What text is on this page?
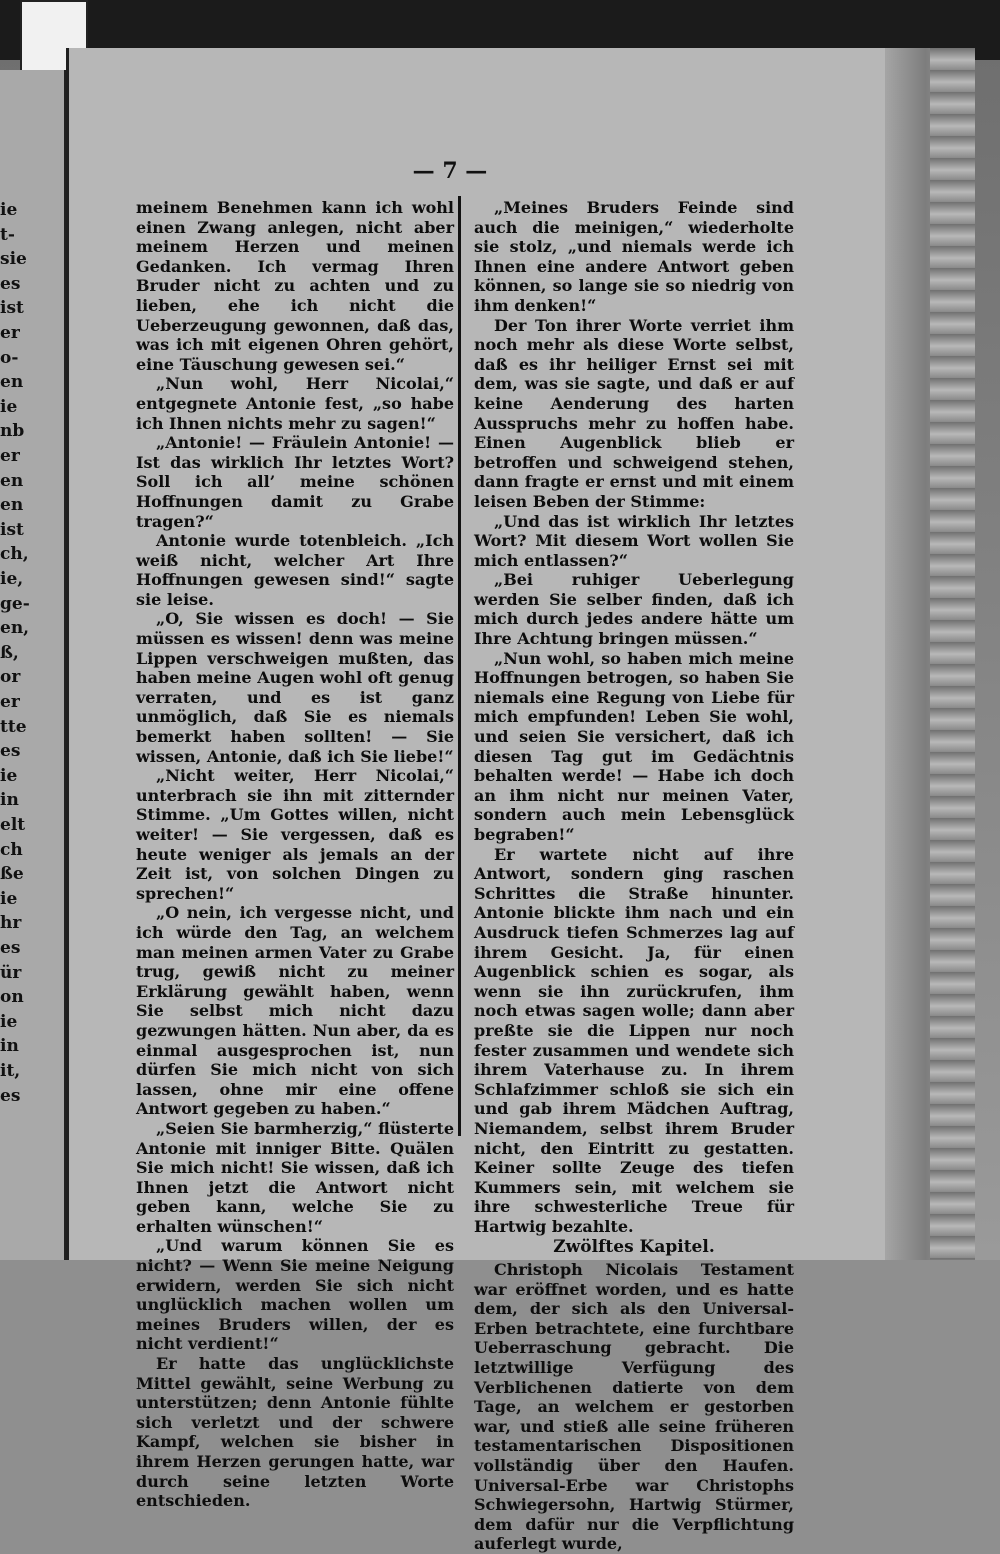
ie
t-
sie
es
ist
er
o-
en
ie
nb
er
en
en
ist
ch,
ie,
ge-
en,
ß,
or
er
tte
es
ie
in
elt
ch
ße
ie
hr
es
ür
on
ie
in
it,
es
— 7 —

meinem Benehmen kann ich wohl einen Zwang anlegen, nicht aber meinem Herzen und meinen Gedanken. Ich vermag Ihren Bruder nicht zu achten und zu lieben, ehe ich nicht die Ueberzeugung gewonnen, daß das, was ich mit eigenen Ohren gehört, eine Täuschung gewesen sei.“

„Nun wohl, Herr Nicolai,“ entgegnete Antonie fest, „so habe ich Ihnen nichts mehr zu sagen!“

„Antonie! — Fräulein Antonie! — Ist das wirklich Ihr letztes Wort? Soll ich all’ meine schönen Hoffnungen damit zu Grabe tragen?“

Antonie wurde totenbleich. „Ich weiß nicht, welcher Art Ihre Hoffnungen gewesen sind!“ sagte sie leise.

„O, Sie wissen es doch! — Sie müssen es wissen! denn was meine Lippen verschweigen mußten, das haben meine Augen wohl oft genug verraten, und es ist ganz unmöglich, daß Sie es niemals bemerkt haben sollten! — Sie wissen, Antonie, daß ich Sie liebe!“

„Nicht weiter, Herr Nicolai,“ unterbrach sie ihn mit zitternder Stimme. „Um Gottes willen, nicht weiter! — Sie vergessen, daß es heute weniger als jemals an der Zeit ist, von solchen Dingen zu sprechen!“

„O nein, ich vergesse nicht, und ich würde den Tag, an welchem man meinen armen Vater zu Grabe trug, gewiß nicht zu meiner Erklärung gewählt haben, wenn Sie selbst mich nicht dazu gezwungen hätten. Nun aber, da es einmal ausgesprochen ist, nun dürfen Sie mich nicht von sich lassen, ohne mir eine offene Antwort gegeben zu haben.“

„Seien Sie barmherzig,“ flüsterte Antonie mit inniger Bitte. Quälen Sie mich nicht! Sie wissen, daß ich Ihnen jetzt die Antwort nicht geben kann, welche Sie zu erhalten wünschen!“

„Und warum können Sie es nicht? — Wenn Sie meine Neigung erwidern, werden Sie sich nicht unglücklich machen wollen um meines Bruders willen, der es nicht verdient!“

Er hatte das unglücklichste Mittel gewählt, seine Werbung zu unterstützen; denn Antonie fühlte sich verletzt und der schwere Kampf, welchen sie bisher in ihrem Herzen gerungen hatte, war durch seine letzten Worte entschieden.

„Meines Bruders Feinde sind auch die meinigen,“ wiederholte sie stolz, „und niemals werde ich Ihnen eine andere Antwort geben können, so lange sie so niedrig von ihm denken!“

Der Ton ihrer Worte verriet ihm noch mehr als diese Worte selbst, daß es ihr heiliger Ernst sei mit dem, was sie sagte, und daß er auf keine Aenderung des harten Ausspruchs mehr zu hoffen habe. Einen Augenblick blieb er betroffen und schweigend stehen, dann fragte er ernst und mit einem leisen Beben der Stimme:

„Und das ist wirklich Ihr letztes Wort? Mit diesem Wort wollen Sie mich entlassen?“

„Bei ruhiger Ueberlegung werden Sie selber finden, daß ich mich durch jedes andere hätte um Ihre Achtung bringen müssen.“

„Nun wohl, so haben mich meine Hoffnungen betrogen, so haben Sie niemals eine Regung von Liebe für mich empfunden! Leben Sie wohl, und seien Sie versichert, daß ich diesen Tag gut im Gedächtnis behalten werde! — Habe ich doch an ihm nicht nur meinen Vater, sondern auch mein Lebensglück begraben!“

Er wartete nicht auf ihre Antwort, sondern ging raschen Schrittes die Straße hinunter. Antonie blickte ihm nach und ein Ausdruck tiefen Schmerzes lag auf ihrem Gesicht. Ja, für einen Augenblick schien es sogar, als wenn sie ihn zurückrufen, ihm noch etwas sagen wolle; dann aber preßte sie die Lippen nur noch fester zusammen und wendete sich ihrem Vaterhause zu. In ihrem Schlafzimmer schloß sie sich ein und gab ihrem Mädchen Auftrag, Niemandem, selbst ihrem Bruder nicht, den Eintritt zu gestatten. Keiner sollte Zeuge des tiefen Kummers sein, mit welchem sie ihre schwesterliche Treue für Hartwig bezahlte.

Zwölftes Kapitel.

Christoph Nicolais Testament war eröffnet worden, und es hatte dem, der sich als den Universal-Erben betrachtete, eine furchtbare Ueberraschung gebracht. Die letztwillige Verfügung des Verblichenen datierte von dem Tage, an welchem er gestorben war, und stieß alle seine früheren testamentarischen Dispositionen vollständig über den Haufen. Universal-Erbe war Christophs Schwiegersohn, Hartwig Stürmer, dem dafür nur die Verpflichtung auferlegt wurde,
